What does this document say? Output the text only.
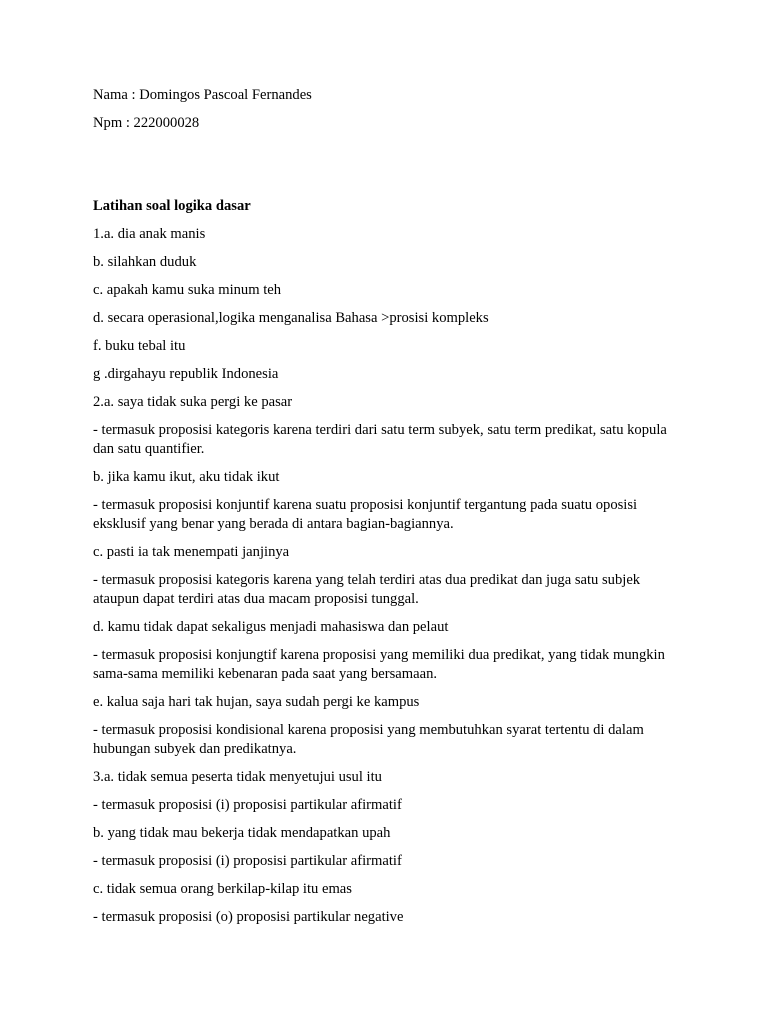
Nama : Domingos Pascoal Fernandes

Npm : 222000028

Latihan soal logika dasar

1.a. dia anak manis

b. silahkan duduk

c. apakah kamu suka minum teh

d. secara operasional,logika menganalisa Bahasa >prosisi kompleks

f. buku tebal itu

g .dirgahayu republik Indonesia

2.a. saya tidak suka pergi ke pasar

- termasuk proposisi kategoris karena terdiri dari satu term subyek, satu term predikat, satu kopula dan satu quantifier.

b. jika kamu ikut, aku tidak ikut

- termasuk proposisi konjuntif karena suatu proposisi konjuntif tergantung pada suatu oposisi eksklusif yang benar yang berada di antara bagian-bagiannya.

c. pasti ia tak menempati janjinya

- termasuk proposisi kategoris karena yang telah terdiri atas dua predikat dan juga satu subjek ataupun dapat terdiri atas dua macam proposisi tunggal.

d. kamu tidak dapat sekaligus menjadi mahasiswa dan pelaut

- termasuk proposisi konjungtif karena proposisi yang memiliki dua predikat, yang tidak mungkin sama-sama memiliki kebenaran pada saat yang bersamaan.

e. kalua saja hari tak hujan, saya sudah pergi ke kampus

- termasuk proposisi kondisional karena proposisi yang membutuhkan syarat tertentu di dalam hubungan subyek dan predikatnya.

3.a. tidak semua peserta tidak menyetujui usul itu

- termasuk proposisi (i) proposisi partikular afirmatif

b. yang tidak mau bekerja tidak mendapatkan upah

- termasuk proposisi (i) proposisi partikular afirmatif

c. tidak semua orang berkilap-kilap itu emas

- termasuk proposisi (o) proposisi partikular negative
